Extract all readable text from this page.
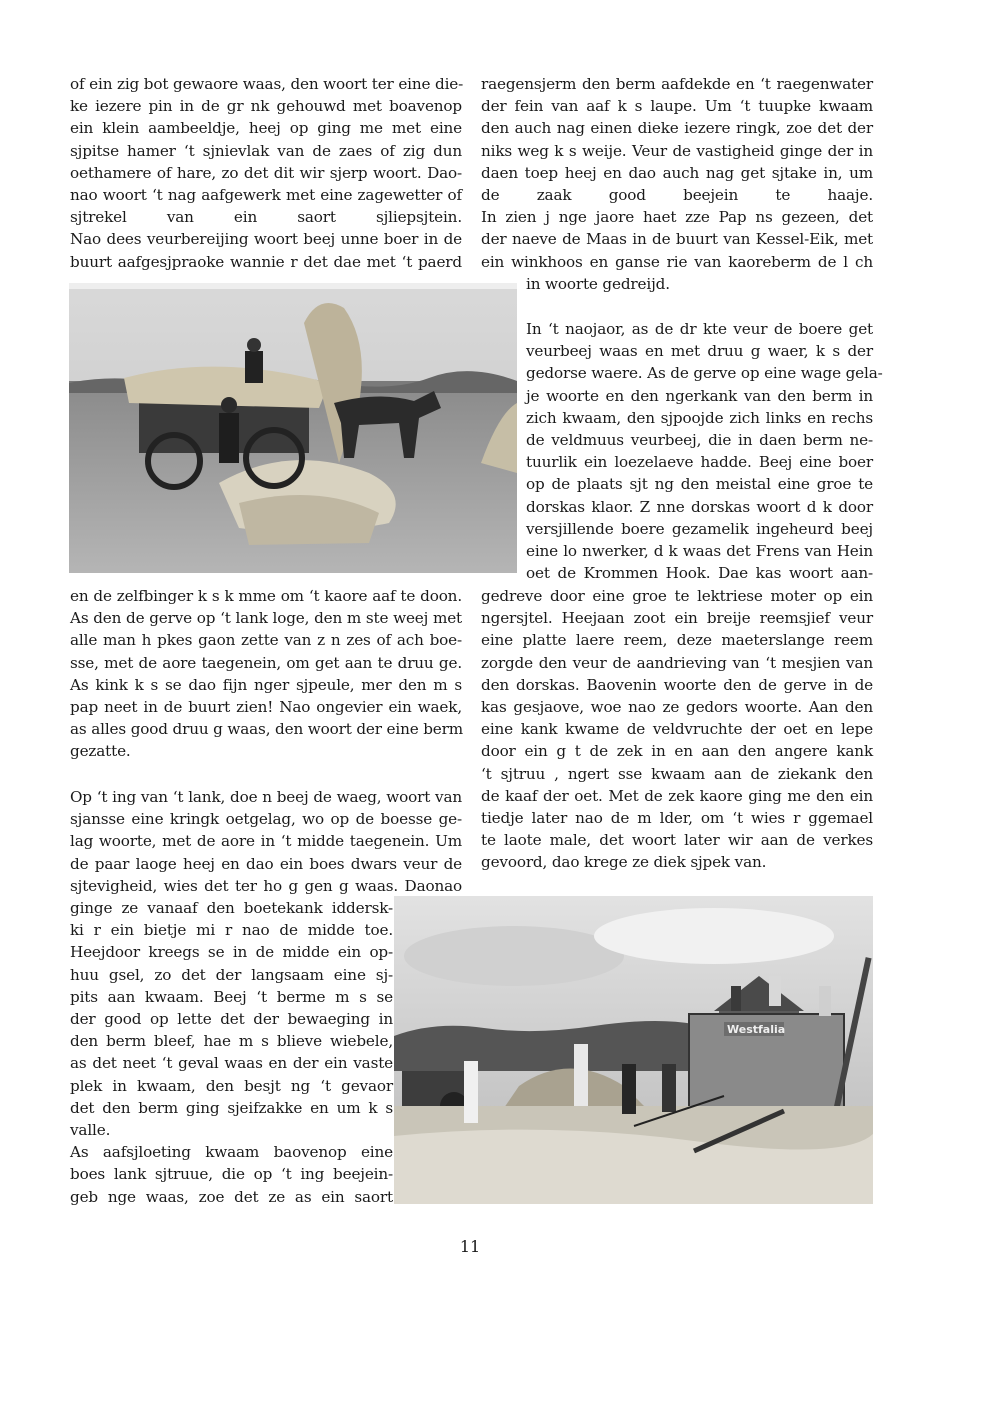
of ein zig bot gewaore waas, den woort ter eine die-
ke iezere pin in de gr nk gehouwd met boavenop
ein klein aambeeldje, heej op ging me met eine
sjpitse hamer ‘t sjnievlak van de zaes of zig dun
oethamere of hare, zo det dit wir sjerp woort. Dao-
nao woort ‘t nag aafgewerk met eine zagewetter of
sjtrekel van ein saort sjliepsjtein.
Nao dees veurbereijing woort beej unne boer in de
buurt aafgesjpraoke wannie r det dae met ‘t paerd
en de zelfbinger k s k mme om ‘t kaore aaf te doon.
As den de gerve op ‘t lank loge, den m ste weej met
alle man h pkes gaon zette van z n zes of ach boe-
sse, met de aore taegenein, om get aan te druu ge.
As kink k s se dao fijn nger sjpeule, mer den m s
pap neet in de buurt zien! Nao ongevier ein waek,
as alles good druu g waas, den woort der eine berm
gezatte.
Op ‘t ing van ‘t lank, doe n beej de waeg, woort van
sjansse eine kringk oetgelag, wo op de boesse ge-
lag woorte, met de aore in ‘t midde taegenein. Um
de paar laoge heej en dao ein boes dwars veur de
sjtevigheid, wies det ter ho g gen g waas. Daonao
ginge ze vanaaf den boetekank iddersk-
ki r ein bietje mi r nao de midde toe.
Heejdoor kreegs se in de midde ein op-
huu gsel, zo det der langsaam eine sj-
pits aan kwaam. Beej ‘t berme m s se
der good op lette det der bewaeging in
den berm bleef, hae m s blieve wiebele,
as det neet ‘t geval waas en der ein vaste
plek in kwaam, den besjt ng ‘t gevaor
det den berm ging sjeifzakke en um k s
valle.
As aafsjloeting kwaam baovenop eine
boes lank sjtruue, die op ‘t ing beejein-
geb nge waas, zoe det ze as ein saort
raegensjerm den berm aafdekde en ‘t raegenwater
der fein van aaf k s laupe. Um ‘t tuupke kwaam
den auch nag einen dieke iezere ringk, zoe det der
niks weg k s weije. Veur de vastigheid ginge der in
daen toep heej en dao auch nag get sjtake in, um
de zaak good beejein te haaje.
In zien j nge jaore haet zze Pap ns gezeen, det
der naeve de Maas in de buurt van Kessel-Eik, met
ein winkhoos en ganse rie van kaoreberm de l ch
in woorte gedreijd.
In ‘t naojaor, as de dr kte veur de boere get
veurbeej waas en met druu g waer, k s der
gedorse waere. As de gerve op eine wage gela-
je woorte en den ngerkank van den berm in
zich kwaam, den sjpoojde zich links en rechs
de veldmuus veurbeej, die in daen berm ne-
tuurlik ein loezelaeve hadde. Beej eine boer
op de plaats sjt ng den meistal eine groe te
dorskas klaor. Z nne dorskas woort d k door
versjillende boere gezamelik ingeheurd beej
eine lo nwerker, d k waas det Frens van Hein
oet de Krommen Hook. Dae kas woort aan-
gedreve door eine groe te lektriese moter op ein
ngersjtel. Heejaan zoot ein breije reemsjief veur
eine platte laere reem, deze maeterslange reem
zorgde den veur de aandrieving van ‘t mesjien van
den dorskas. Baovenin woorte den de gerve in de
kas gesjaove, woe nao ze gedors woorte. Aan den
eine kank kwame de veldvruchte der oet en lepe
door ein g t de zek in en aan den angere kank
‘t sjtruu , ngert sse kwaam aan de ziekank den
de kaaf der oet. Met de zek kaore ging me den ein
tiedje later nao de m lder, om ‘t wies r ggemael
te laote male, det woort later wir aan de verkes
gevoord, dao krege ze diek sjpek van.
Westfalia
11
